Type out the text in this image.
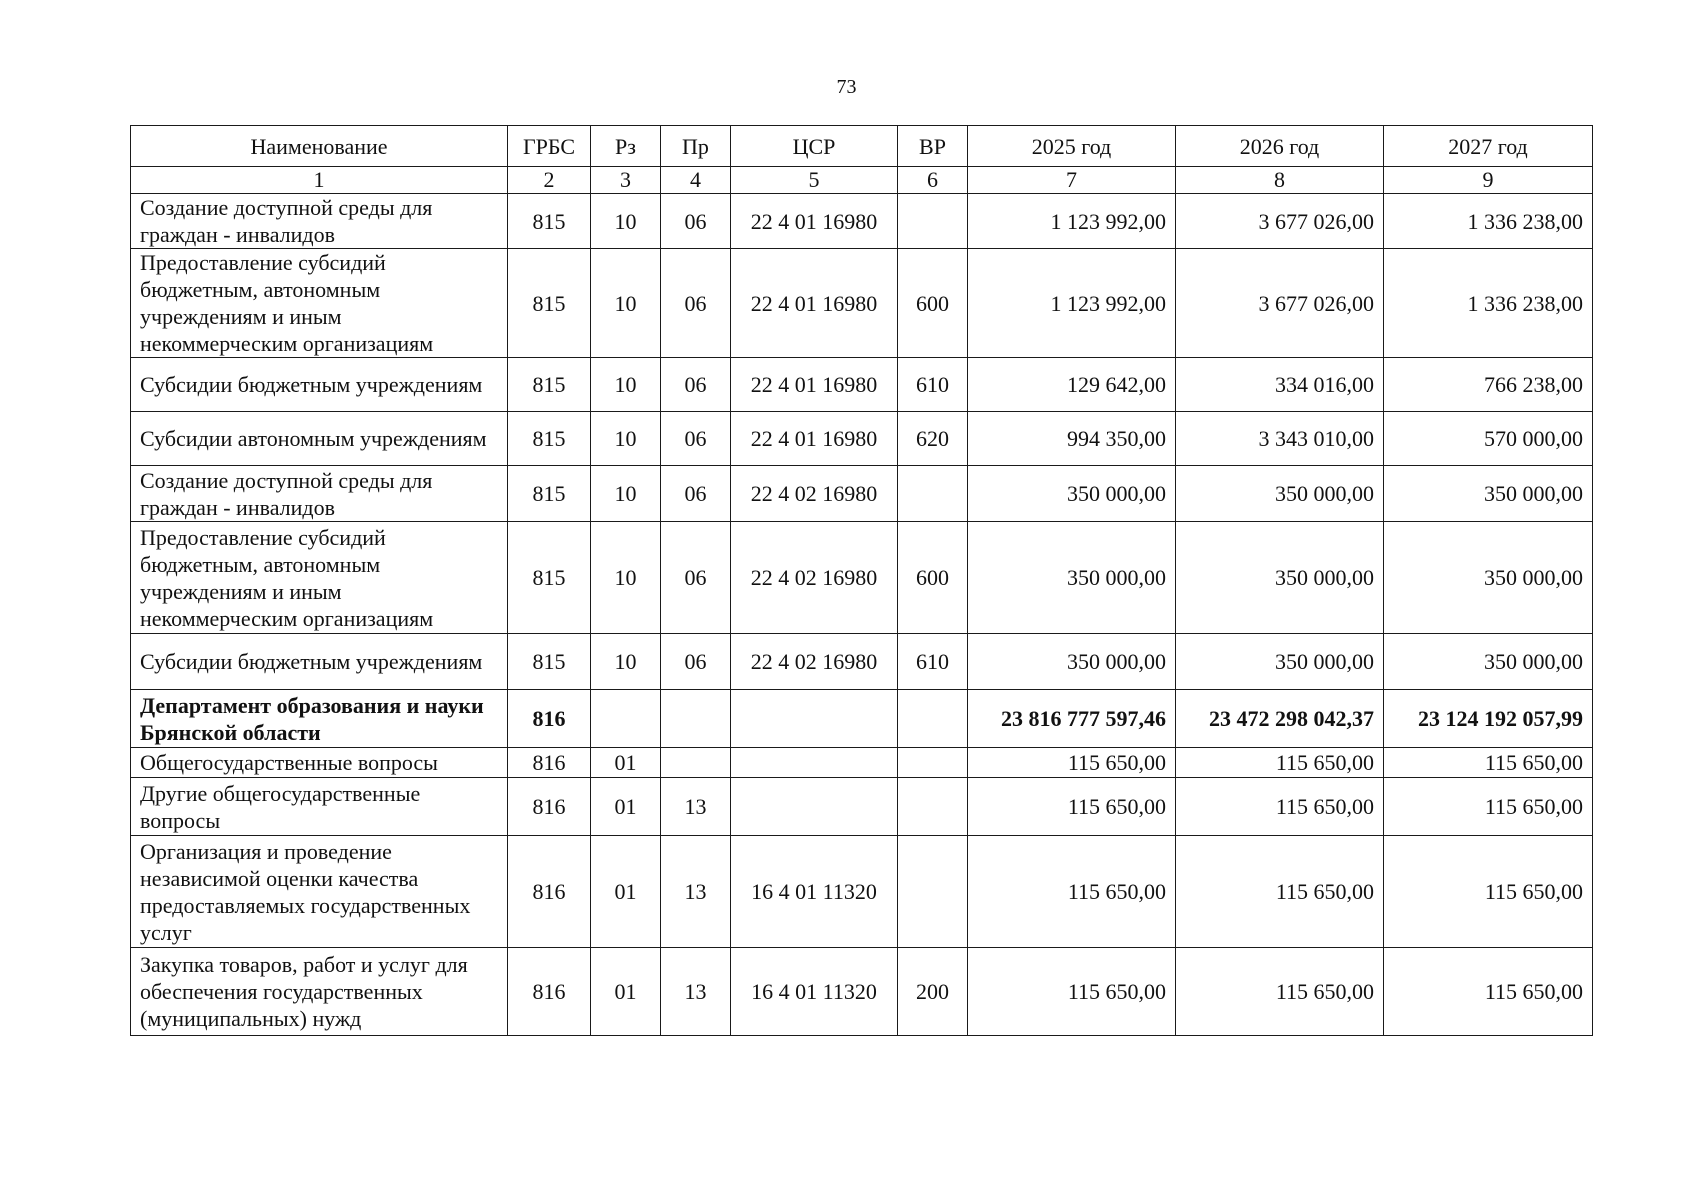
73
Наименование	ГРБС	Рз	Пр	ЦСР	ВР	2025 год	2026 год	2027 год
1	2	3	4	5	6	7	8	9
Создание доступной среды для граждан - инвалидов	815	10	06	22 4 01 16980		1 123 992,00	3 677 026,00	1 336 238,00
Предоставление субсидий бюджетным, автономным учреждениям и иным некоммерческим организациям	815	10	06	22 4 01 16980	600	1 123 992,00	3 677 026,00	1 336 238,00
Субсидии бюджетным учреждениям	815	10	06	22 4 01 16980	610	129 642,00	334 016,00	766 238,00
Субсидии автономным учреждениям	815	10	06	22 4 01 16980	620	994 350,00	3 343 010,00	570 000,00
Создание доступной среды для граждан - инвалидов	815	10	06	22 4 02 16980		350 000,00	350 000,00	350 000,00
Предоставление субсидий бюджетным, автономным учреждениям и иным некоммерческим организациям	815	10	06	22 4 02 16980	600	350 000,00	350 000,00	350 000,00
Субсидии бюджетным учреждениям	815	10	06	22 4 02 16980	610	350 000,00	350 000,00	350 000,00
Департамент образования и науки Брянской области	816					23 816 777 597,46	23 472 298 042,37	23 124 192 057,99
Общегосударственные вопросы	816	01				115 650,00	115 650,00	115 650,00
Другие общегосударственные вопросы	816	01	13			115 650,00	115 650,00	115 650,00
Организация и проведение независимой оценки качества предоставляемых государственных услуг	816	01	13	16 4 01 11320		115 650,00	115 650,00	115 650,00
Закупка товаров, работ и услуг для обеспечения государственных (муниципальных) нужд	816	01	13	16 4 01 11320	200	115 650,00	115 650,00	115 650,00
